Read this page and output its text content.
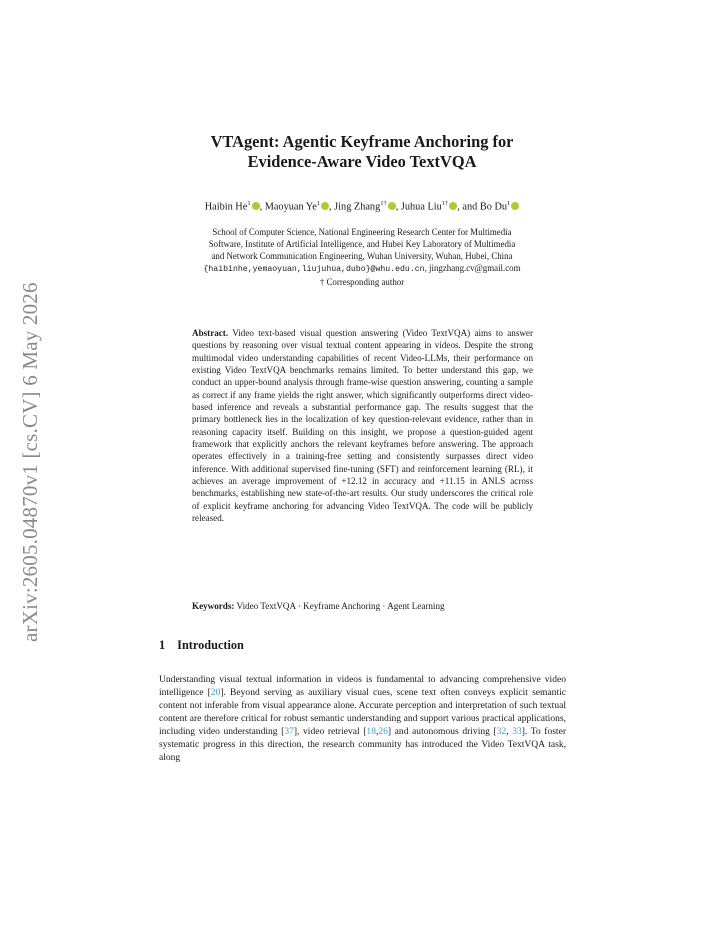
arXiv:2605.04870v1 [cs.CV] 6 May 2026
VTAgent: Agentic Keyframe Anchoring for
Evidence-Aware Video TextVQA
Haibin He$^1$ , Maoyuan Ye$^1$ , Jing Zhang$^{1\dagger}$ , Juhua Liu$^{1\dagger}$ , and Bo Du$^1$
School of Computer Science, National Engineering Research Center for Multimedia
Software, Institute of Artificial Intelligence, and Hubei Key Laboratory of Multimedia
and Network Communication Engineering, Wuhan University, Wuhan, Hubei, China
{haibinhe,yemaoyuan,liujuhua,dubo}@whu.edu.cn, jingzhang.cv@gmail.com
† Corresponding author
Abstract. Video text-based visual question answering (Video TextVQA) aims to answer questions by reasoning over visual textual content appearing in videos. Despite the strong multimodal video understanding capabilities of recent Video-LLMs, their performance on existing Video TextVQA benchmarks remains limited. To better understand this gap, we conduct an upper-bound analysis through frame-wise question answering, counting a sample as correct if any frame yields the right answer, which significantly outperforms direct video-based inference and reveals a substantial performance gap. The results suggest that the primary bottleneck lies in the localization of key question-relevant evidence, rather than in reasoning capacity itself. Building on this insight, we propose a question-guided agent framework that explicitly anchors the relevant keyframes before answering. The approach operates effectively in a training-free setting and consistently surpasses direct video inference. With additional supervised fine-tuning (SFT) and reinforcement learning (RL), it achieves an average improvement of +12.12 in accuracy and +11.15 in ANLS across benchmarks, establishing new state-of-the-art results. Our study underscores the critical role of explicit keyframe anchoring for advancing Video TextVQA. The code will be publicly released.
Keywords: Video TextVQA · Keyframe Anchoring · Agent Learning
1 Introduction
Understanding visual textual information in videos is fundamental to advancing comprehensive video intelligence [20]. Beyond serving as auxiliary visual cues, scene text often conveys explicit semantic content not inferable from visual appearance alone. Accurate perception and interpretation of such textual content are therefore critical for robust semantic understanding and support various practical applications, including video understanding [37], video retrieval [18,26] and autonomous driving [32, 33]. To foster systematic progress in this direction, the research community has introduced the Video TextVQA task, along
